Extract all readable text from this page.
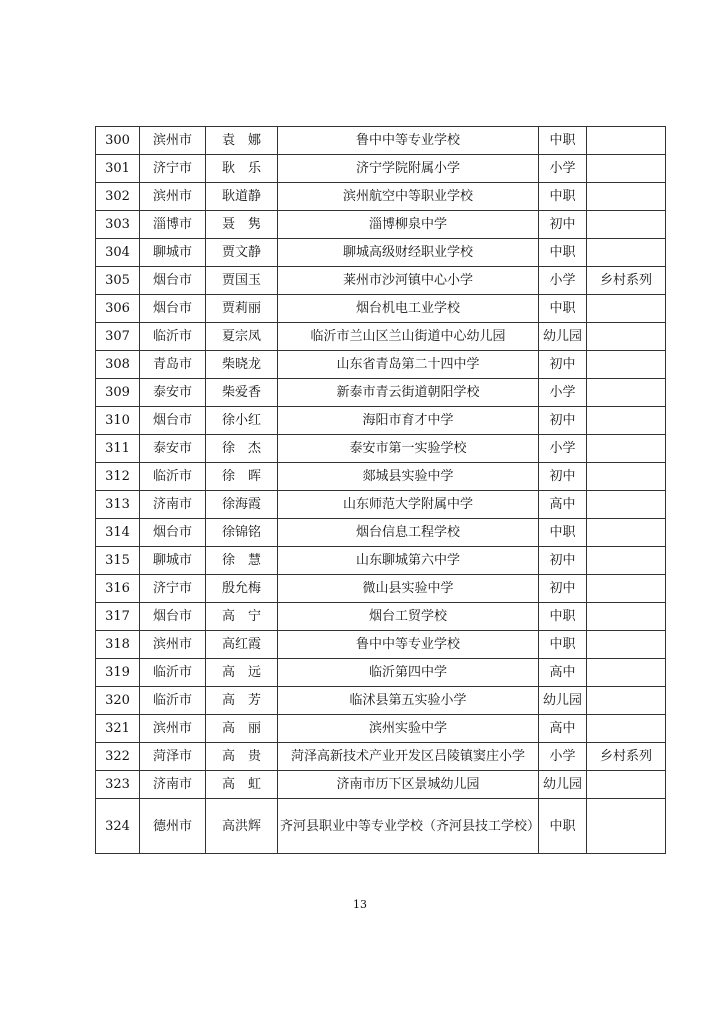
300	滨州市	袁娜	鲁中中等专业学校	中职	
301	济宁市	耿乐	济宁学院附属小学	小学	
302	滨州市	耿道静	滨州航空中等职业学校	中职	
303	淄博市	聂隽	淄博柳泉中学	初中	
304	聊城市	贾文静	聊城高级财经职业学校	中职	
305	烟台市	贾国玉	莱州市沙河镇中心小学	小学	乡村系列
306	烟台市	贾莉丽	烟台机电工业学校	中职	
307	临沂市	夏宗凤	临沂市兰山区兰山街道中心幼儿园	幼儿园	
308	青岛市	柴晓龙	山东省青岛第二十四中学	初中	
309	泰安市	柴爱香	新泰市青云街道朝阳学校	小学	
310	烟台市	徐小红	海阳市育才中学	初中	
311	泰安市	徐杰	泰安市第一实验学校	小学	
312	临沂市	徐晖	郯城县实验中学	初中	
313	济南市	徐海霞	山东师范大学附属中学	高中	
314	烟台市	徐锦铭	烟台信息工程学校	中职	
315	聊城市	徐慧	山东聊城第六中学	初中	
316	济宁市	殷允梅	微山县实验中学	初中	
317	烟台市	高宁	烟台工贸学校	中职	
318	滨州市	高红霞	鲁中中等专业学校	中职	
319	临沂市	高远	临沂第四中学	高中	
320	临沂市	高芳	临沭县第五实验小学	幼儿园	
321	滨州市	高丽	滨州实验中学	高中	
322	菏泽市	高贵	菏泽高新技术产业开发区吕陵镇窦庄小学	小学	乡村系列
323	济南市	高虹	济南市历下区景城幼儿园	幼儿园	
324	德州市	高洪辉	齐河县职业中等专业学校（齐河县技工学校）	中职	
13
